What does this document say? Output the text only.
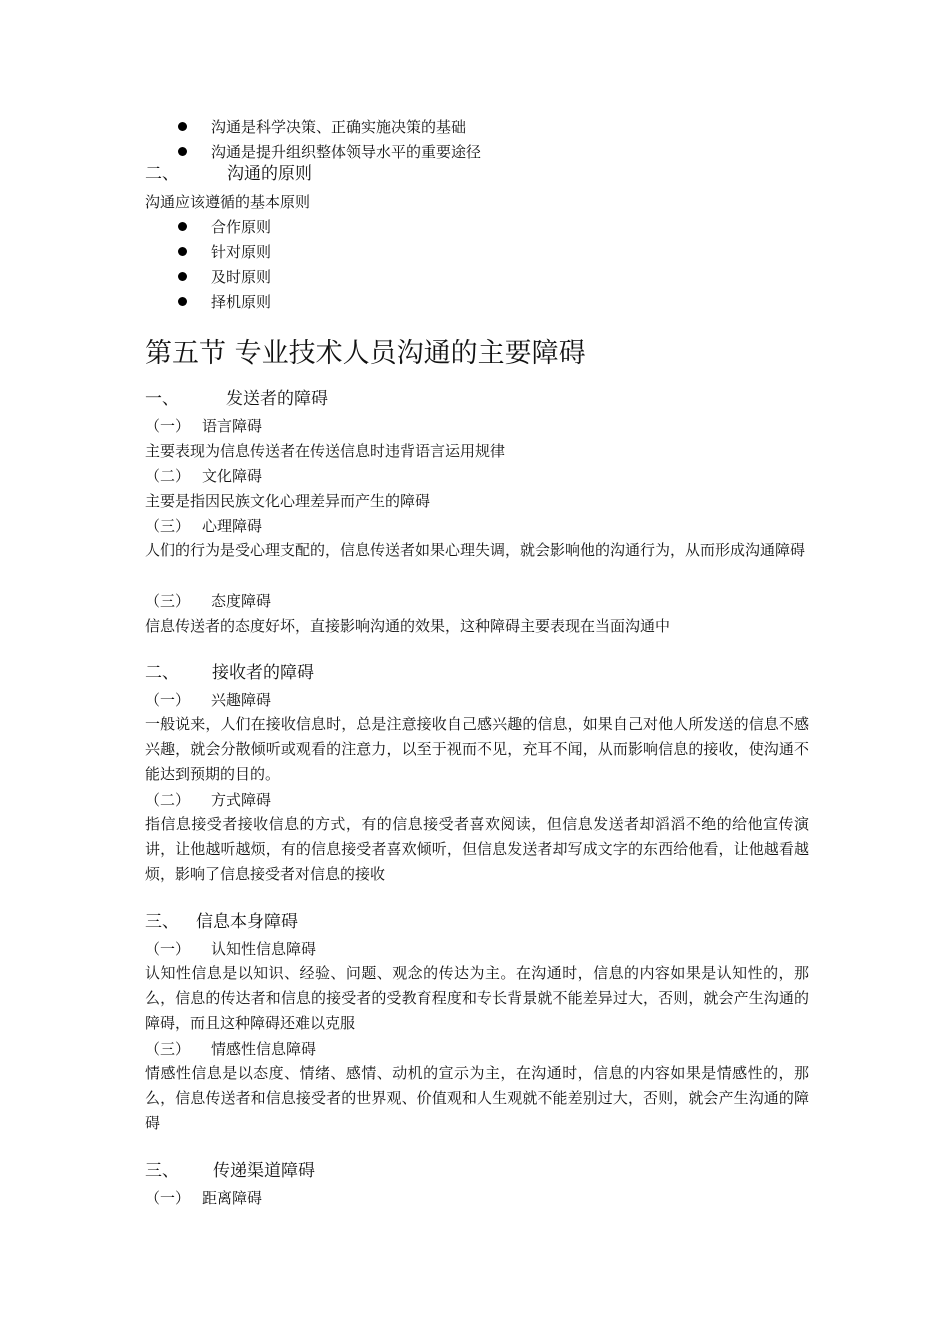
沟通是科学决策、正确实施决策的基础
沟通是提升组织整体领导水平的重要途径
二、	沟通的原则
沟通应该遵循的基本原则
合作原则
针对原则
及时原则
择机原则
第五节 专业技术人员沟通的主要障碍
一、	发送者的障碍
（一） 语言障碍
主要表现为信息传送者在传送信息时违背语言运用规律
（二） 文化障碍
主要是指因民族文化心理差异而产生的障碍
（三） 心理障碍
人们的行为是受心理支配的，信息传送者如果心理失调，就会影响他的沟通行为，从而形成沟通障碍
（三） 态度障碍
信息传送者的态度好坏，直接影响沟通的效果，这种障碍主要表现在当面沟通中
二、 接收者的障碍
（一） 兴趣障碍
一般说来，人们在接收信息时，总是注意接收自己感兴趣的信息，如果自己对他人所发送的信息不感兴趣，就会分散倾听或观看的注意力，以至于视而不见，充耳不闻，从而影响信息的接收，使沟通不能达到预期的目的。
（二） 方式障碍
指信息接受者接收信息的方式，有的信息接受者喜欢阅读，但信息发送者却滔滔不绝的给他宣传演讲，让他越听越烦，有的信息接受者喜欢倾听，但信息发送者却写成文字的东西给他看，让他越看越烦，影响了信息接受者对信息的接收
三、 信息本身障碍
（一） 认知性信息障碍
认知性信息是以知识、经验、问题、观念的传达为主。在沟通时，信息的内容如果是认知性的，那么，信息的传达者和信息的接受者的受教育程度和专长背景就不能差异过大，否则，就会产生沟通的障碍，而且这种障碍还难以克服
（三） 情感性信息障碍
情感性信息是以态度、情绪、感情、动机的宣示为主，在沟通时，信息的内容如果是情感性的，那么，信息传送者和信息接受者的世界观、价值观和人生观就不能差别过大，否则，就会产生沟通的障碍
三、 传递渠道障碍
（一） 距离障碍
